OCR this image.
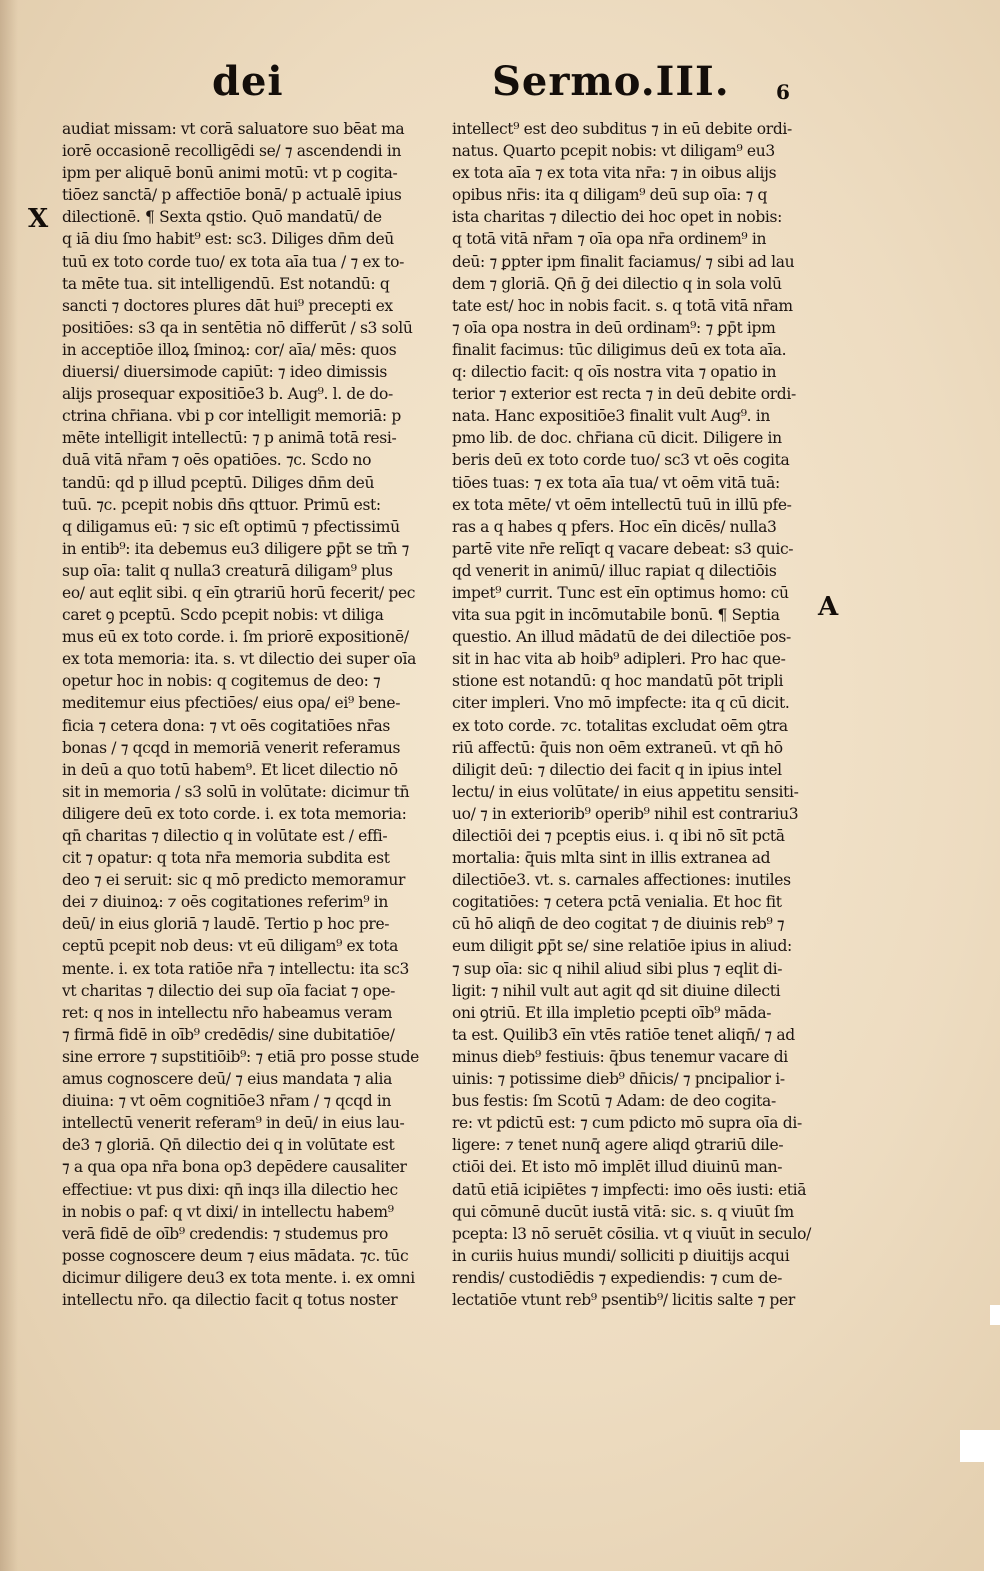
dei	Sermo.III. 6
X
A
audiat missam: vt corā saluatore suo bēat ma
iorē occasionē recolligēdi se/ ⁊ ascendendi in
ipm per aliquē bonū animi motū: vt p cogita-
tiōez sanctā/ p affectiōe bonā/ p actualē ipius
dilectionē. ¶ Sexta qstio. Quō mandatū/ de
q iā diu ſmo habit⁹ est: sc3. Diliges dn̄m deū
tuū ex toto corde tuo/ ex tota aīa tua / ⁊ ex to-
ta mēte tua. sit intelligendū. Est notandū: q
sancti ⁊ doctores plures dāt hui⁹ precepti ex
positiōes: s3 qa in sentētia nō differūt / s3 solū
in acceptiōe illoꝝ ſminoꝝ: cor/ aīa/ mēs: quos
diuersi/ diuersimode capiūt: ⁊ ideo dimissis
alijs prosequar expositiōe3 b. Aug⁹. l. de do-
ctrina chr̄iana. vbi p cor intelligit memoriā: p
mēte intelligit intellectū: ⁊ p animā totā resi-
duā vitā nr̄am ⁊ oēs opatiōes. ⁊c. Scdo no
tandū: qd p illud pceptū. Diliges dn̄m deū
tuū. ⁊c. pcepit nobis dn̄s qttuor. Primū est:
q diligamus eū: ⁊ sic eſt optimū ⁊ pfectissimū
in entib⁹: ita debemus eu3 diligere ꝑp̄t se tm̄ ⁊
sup oīa: talit q nulla3 creaturā diligam⁹ plus
eo/ aut eqlit sibi. q eīn ꝯtrariū horū fecerit/ pec
caret ꝯ pceptū. Scdo pcepit nobis: vt diliga
mus eū ex toto corde. i. ſm priorē expositionē/
ex tota memoria: ita. s. vt dilectio dei super oīa
opetur hoc in nobis: q cogitemus de deo: ⁊
meditemur eius pfectiōes/ eius opa/ ei⁹ bene-
ficia ⁊ cetera dona: ⁊ vt oēs cogitatiōes nr̄as
bonas / ⁊ qcqd in memoriā venerit referamus
in deū a quo totū habem⁹. Et licet dilectio nō
sit in memoria / s3 solū in volūtate: dicimur tn̄
diligere deū ex toto corde. i. ex tota memoria:
qn̄ charitas ⁊ dilectio q in volūtate est / effi-
cit ⁊ opatur: q tota nr̄a memoria subdita est
deo ⁊ ei seruit: sic q mō predicto memoramur
dei ⁊ diuinoꝝ: ⁊ oēs cogitationes referim⁹ in
deū/ in eius gloriā ⁊ laudē. Tertio p hoc pre-
ceptū pcepit nob deus: vt eū diligam⁹ ex tota
mente. i. ex tota ratiōe nr̄a ⁊ intellectu: ita sc3
vt charitas ⁊ dilectio dei sup oīa faciat ⁊ ope-
ret: q nos in intellectu nr̄o habeamus veram
⁊ firmā fidē in oīb⁹ credēdis/ sine dubitatiōe/
sine errore ⁊ supstitiōib⁹: ⁊ etiā pro posse stude
amus cognoscere deū/ ⁊ eius mandata ⁊ alia
diuina: ⁊ vt oēm cognitiōe3 nr̄am / ⁊ qcqd in
intellectū venerit referam⁹ in deū/ in eius lau-
de3 ⁊ gloriā. Qn̄ dilectio dei q in volūtate est
⁊ a qua opa nr̄a bona op3 depēdere causaliter
effectiue: vt pus dixi: qn̄ inqɜ illa dilectio hec
in nobis o paf: q vt dixi/ in intellectu habem⁹
verā fidē de oīb⁹ credendis: ⁊ studemus pro
posse cognoscere deum ⁊ eius mādata. ⁊c. tūc
dicimur diligere deu3 ex tota mente. i. ex omni
intellectu nr̄o. qa dilectio facit q totus noster
intellect⁹ est deo subditus ⁊ in eū debite ordi-
natus. Quarto pcepit nobis: vt diligam⁹ eu3
ex tota aīa ⁊ ex tota vita nr̄a: ⁊ in oibus alijs
opibus nr̄is: ita q diligam⁹ deū sup oīa: ⁊ q
ista charitas ⁊ dilectio dei hoc opet in nobis:
q totā vitā nr̄am ⁊ oīa opa nr̄a ordinem⁹ in
deū: ⁊ ꝑpter ipm finalit faciamus/ ⁊ sibi ad lau
dem ⁊ gloriā. Qn̄ ḡ dei dilectio q in sola volū
tate est/ hoc in nobis facit. s. q totā vitā nr̄am
⁊ oīa opa nostra in deū ordinam⁹: ⁊ ꝑp̄t ipm
finalit facimus: tūc diligimus deū ex tota aīa.
q: dilectio facit: q oīs nostra vita ⁊ opatio in
terior ⁊ exterior est recta ⁊ in deū debite ordi-
nata. Hanc expositiōe3 finalit vult Aug⁹. in
pmo lib. de doc. chr̄iana cū dicit. Diligere in
beris deū ex toto corde tuo/ sc3 vt oēs cogita
tiōes tuas: ⁊ ex tota aīa tua/ vt oēm vitā tuā:
ex tota mēte/ vt oēm intellectū tuū in illū pfe-
ras a q habes q pfers. Hoc eīn dicēs/ nulla3
partē vite nr̄e relīqt q vacare debeat: s3 quic-
qd venerit in animū/ illuc rapiat q dilectiōis
impet⁹ currit. Tunc est eīn optimus homo: cū
vita sua pgit in incōmutabile bonū. ¶ Septia
questio. An illud mādatū de dei dilectiōe pos-
sit in hac vita ab hoib⁹ adipleri. Pro hac que-
stione est notandū: q hoc mandatū pōt tripli
citer impleri. Vno mō impfecte: ita q cū dicit.
ex toto corde. ⁊c. totalitas excludat oēm ꝯtra
riū affectū: q̄uis non oēm extraneū. vt qn̄ hō
diligit deū: ⁊ dilectio dei facit q in ipius intel
lectu/ in eius volūtate/ in eius appetitu sensiti-
uo/ ⁊ in exteriorib⁹ operib⁹ nihil est contrariu3
dilectiōi dei ⁊ pceptis eius. i. q ibi nō sīt pctā
mortalia: q̄uis mlta sint in illis extranea ad
dilectiōe3. vt. s. carnales affectiones: inutiles
cogitatiōes: ⁊ cetera pctā venialia. Et hoc fit
cū hō aliqn̄ de deo cogitat ⁊ de diuinis reb⁹ ⁊
eum diligit ꝑp̄t se/ sine relatiōe ipius in aliud:
⁊ sup oīa: sic q nihil aliud sibi plus ⁊ eqlit di-
ligit: ⁊ nihil vult aut agit qd sit diuine dilecti
oni ꝯtriū. Et illa impletio pcepti oīb⁹ māda-
ta est. Quilib3 eīn vtēs ratiōe tenet aliqn̄/ ⁊ ad
minus dieb⁹ festiuis: q̄bus tenemur vacare di
uinis: ⁊ potissime dieb⁹ dn̄icis/ ⁊ pncipalior i-
bus festis: ſm Scotū ⁊ Adam: de deo cogita-
re: vt pdictū est: ⁊ cum pdicto mō supra oīa di-
ligere: ⁊ tenet nunq̄ agere aliqd ꝯtrariū dile-
ctiōi dei. Et isto mō implēt illud diuinū man-
datū etiā icipiētes ⁊ impfecti: imo oēs iusti: etiā
qui cōmunē ducūt iustā vitā: sic. s. q viuūt ſm
pcepta: l3 nō seruēt cōsilia. vt q viuūt in seculo/
in curiis huius mundi/ solliciti p diuitijs acqui
rendis/ custodiēdis ⁊ expediendis: ⁊ cum de-
lectatiōe vtunt reb⁹ psentib⁹/ licitis salte ⁊ per
